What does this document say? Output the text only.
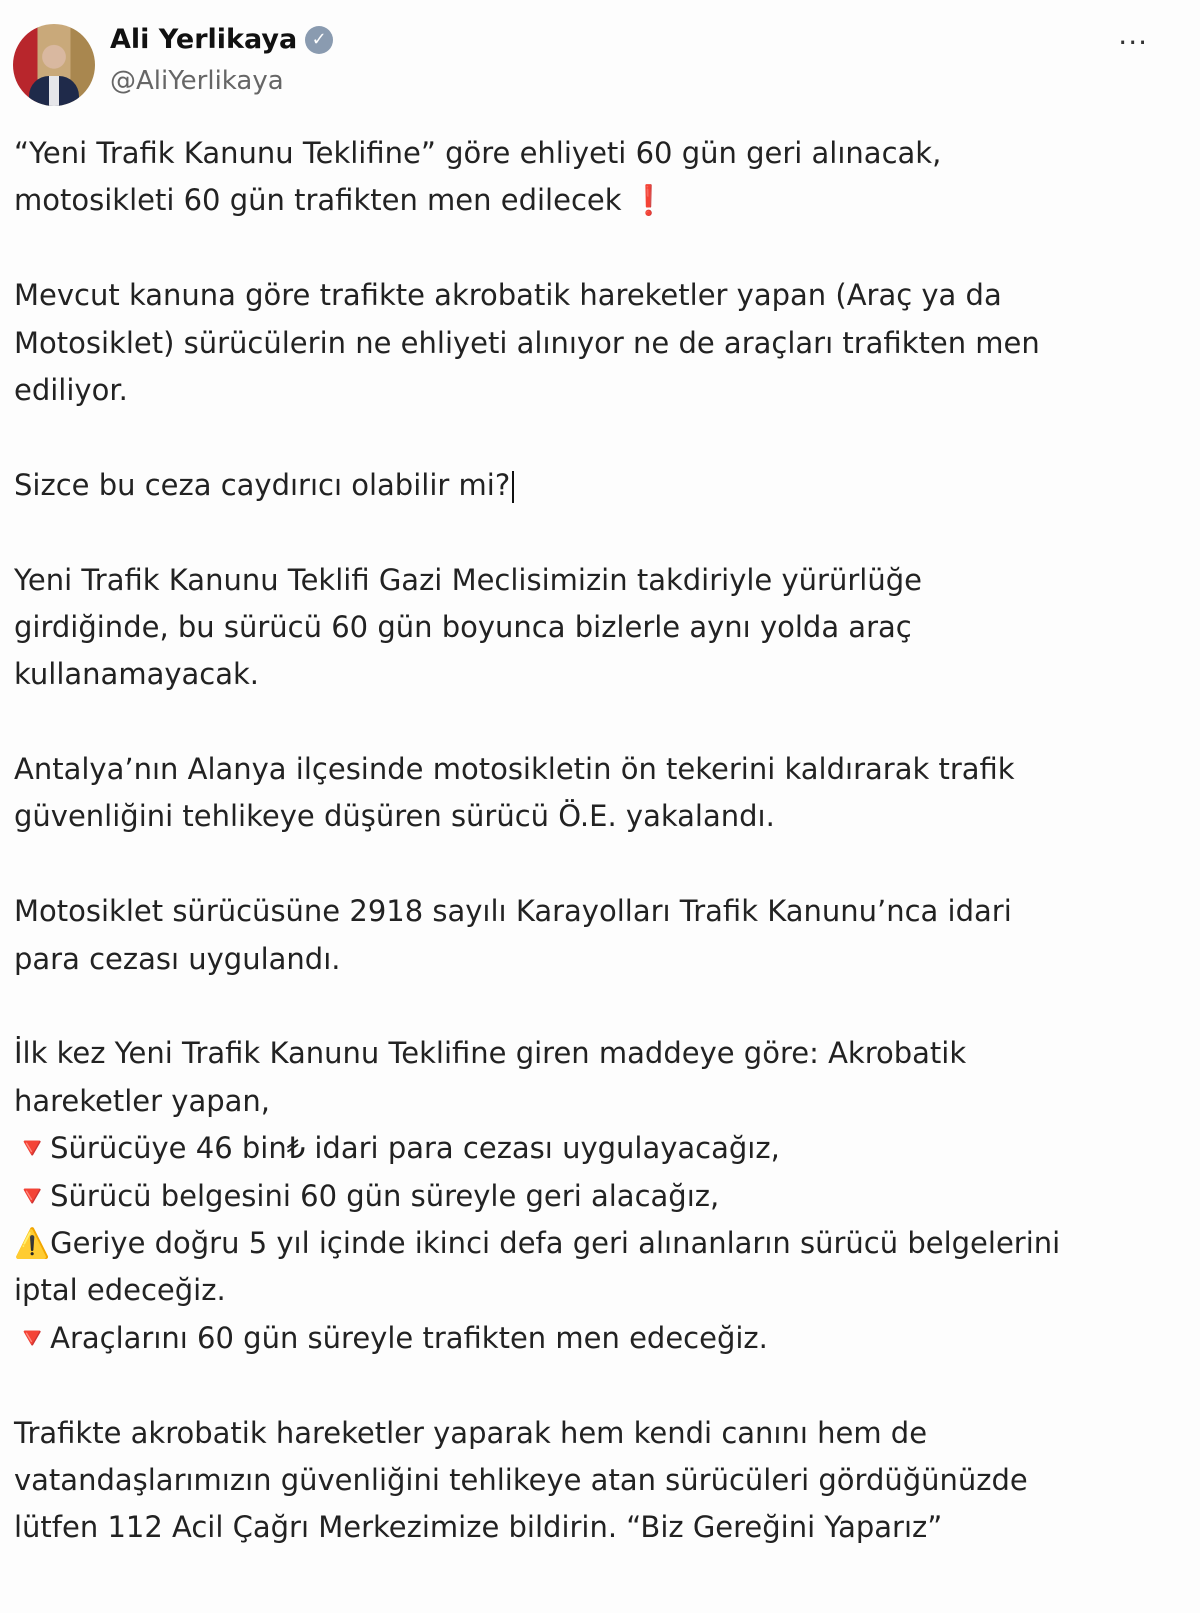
Ali Yerlikaya ✓
@AliYerlikaya
···
“Yeni Trafik Kanunu Teklifine” göre ehliyeti 60 gün geri alınacak,
motosikleti 60 gün trafikten men edilecek ❗
Mevcut kanuna göre trafikte akrobatik hareketler yapan (Araç ya da
Motosiklet) sürücülerin ne ehliyeti alınıyor ne de araçları trafikten men
ediliyor.
Sizce bu ceza caydırıcı olabilir mi?
Yeni Trafik Kanunu Teklifi Gazi Meclisimizin takdiriyle yürürlüğe
girdiğinde, bu sürücü 60 gün boyunca bizlerle aynı yolda araç
kullanamayacak.
Antalya’nın Alanya ilçesinde motosikletin ön tekerini kaldırarak trafik
güvenliğini tehlikeye düşüren sürücü Ö.E. yakalandı.
Motosiklet sürücüsüne 2918 sayılı Karayolları Trafik Kanunu’nca idari
para cezası uygulandı.
İlk kez Yeni Trafik Kanunu Teklifine giren maddeye göre: Akrobatik
hareketler yapan,
🔻Sürücüye 46 bin₺ idari para cezası uygulayacağız,
🔻Sürücü belgesini 60 gün süreyle geri alacağız,
⚠️Geriye doğru 5 yıl içinde ikinci defa geri alınanların sürücü belgelerini
iptal edeceğiz.
🔻Araçlarını 60 gün süreyle trafikten men edeceğiz.
Trafikte akrobatik hareketler yaparak hem kendi canını hem de
vatandaşlarımızın güvenliğini tehlikeye atan sürücüleri gördüğünüzde
lütfen 112 Acil Çağrı Merkezimize bildirin. “Biz Gereğini Yaparız”
